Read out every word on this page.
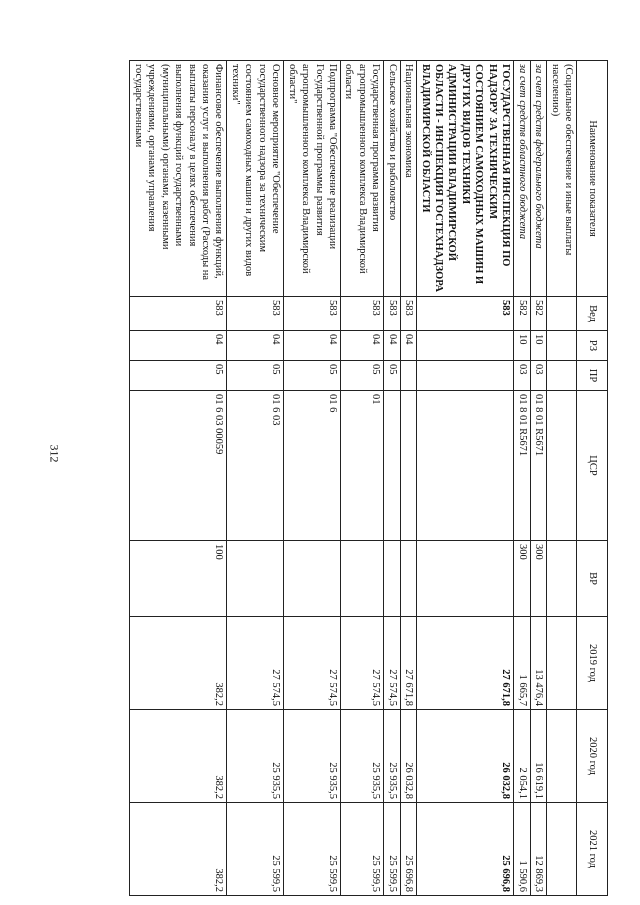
312
Наименование показателя	Вед	РЗ	ПР	ЦСР	ВР	2019 год	2020 год	2021 год
(Социальное обеспечение и иные выплаты населению)								
за счет средств федерального бюджета	582	10	03	01 8 01 R5671	300	13 476,4	16 619,1	12 869,3
за счет средств областного бюджета	582	10	03	01 8 01 R5671	300	1 665,7	2 054,1	1 590,6
ГОСУДАРСТВЕННАЯ ИНСПЕКЦИЯ ПО НАДЗОРУ ЗА ТЕХНИЧЕСКИМ СОСТОЯНИЕМ САМОХОДНЫХ МАШИН И ДРУГИХ ВИДОВ ТЕХНИКИ АДМИНИСТРАЦИИ ВЛАДИМИРСКОЙ ОБЛАСТИ - ИНСПЕКЦИЯ ГОСТЕХНАДЗОРА ВЛАДИМИРСКОЙ ОБЛАСТИ	583					27 671,8	26 032,8	25 696,8
Национальная экономика	583	04				27 671,8	26 032,8	25 696,8
Сельское хозяйство и рыболовство	583	04	05			27 574,5	25 935,5	25 599,5
Государственная программа развития агропромышленного комплекса Владимирской области	583	04	05	01		27 574,5	25 935,5	25 599,5
Подпрограмма "Обеспечение реализации Государственной программы развития агропромышленного комплекса Владимирской области"	583	04	05	01 6		27 574,5	25 935,5	25 599,5
Основное мероприятие "Обеспечение государственного надзора за техническим состоянием самоходных машин и других видов техники"	583	04	05	01 6 03		27 574,5	25 935,5	25 599,5
Финансовое обеспечение выполнения функций, оказания услуг и выполнения работ (Расходы на выплаты персоналу в целях обеспечения выполнения функций государственными (муниципальными) органами, казенными учреждениями, органами управления государственными	583	04	05	01 6 03 00059	100	382,2	382,2	382,2
